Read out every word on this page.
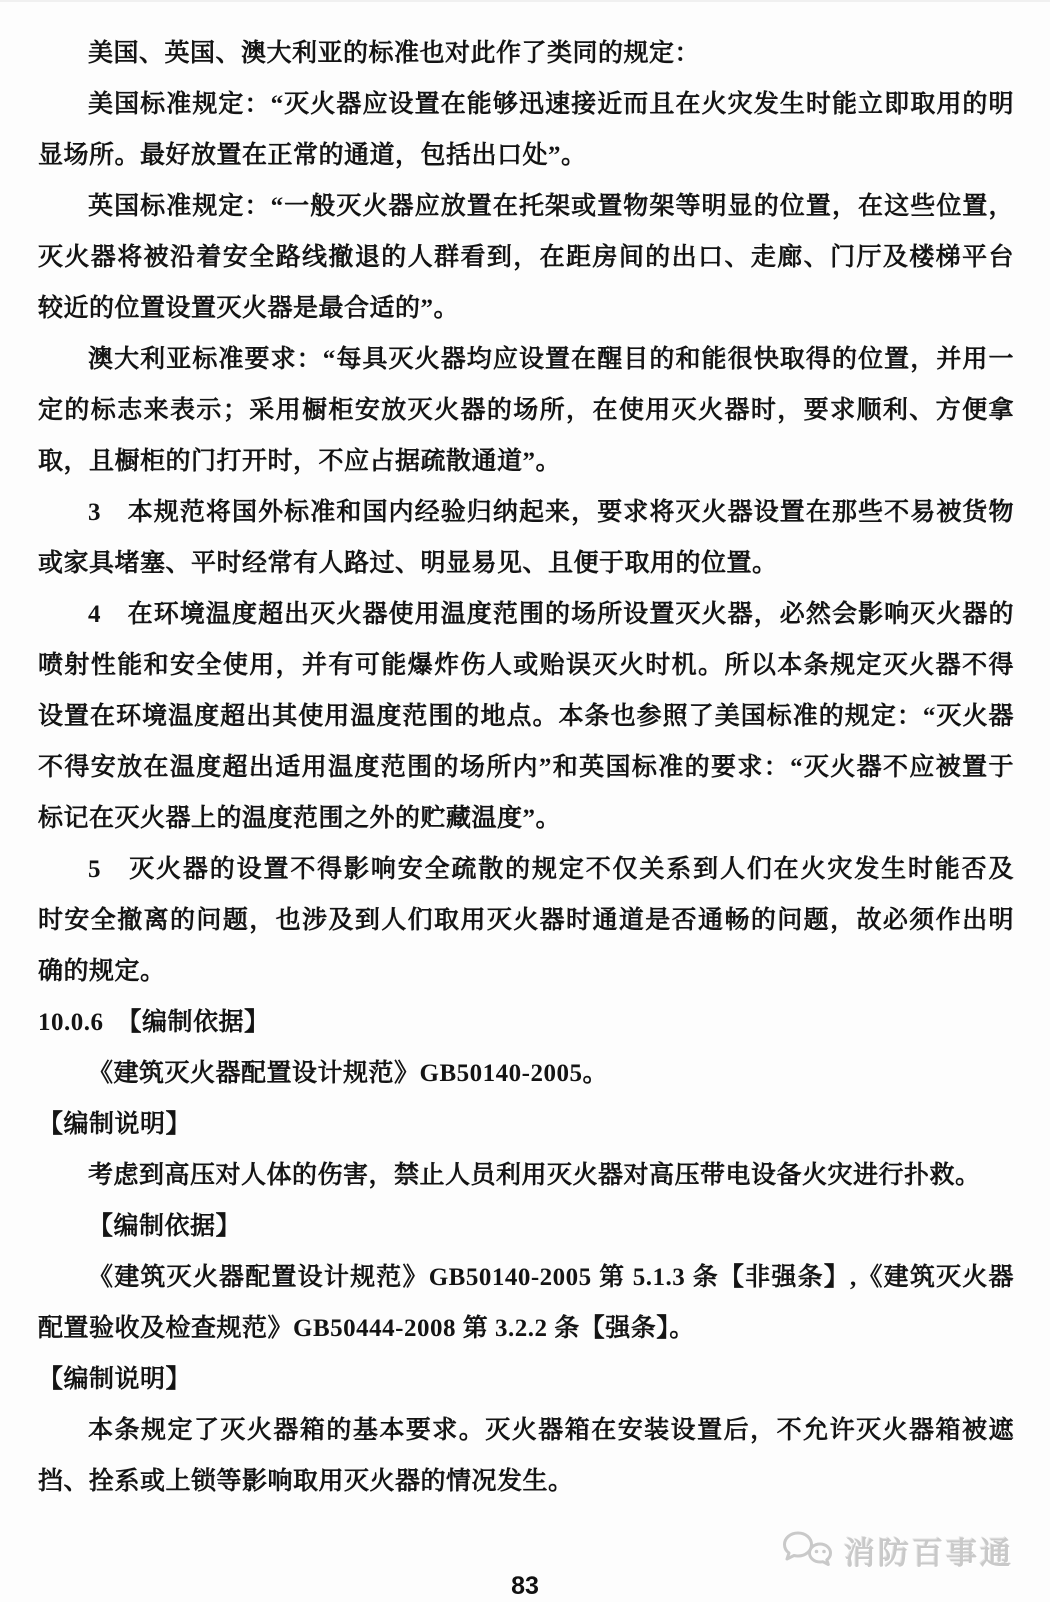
美国、英国、澳大利亚的标准也对此作了类同的规定：
美国标准规定：“灭火器应设置在能够迅速接近而且在火灾发生时能立即取用的明
显场所。最好放置在正常的通道，包括出口处”。
英国标准规定：“一般灭火器应放置在托架或置物架等明显的位置，在这些位置，
灭火器将被沿着安全路线撤退的人群看到，在距房间的出口、走廊、门厅及楼梯平台
较近的位置设置灭火器是最合适的”。
澳大利亚标准要求：“每具灭火器均应设置在醒目的和能很快取得的位置，并用一
定的标志来表示；采用橱柜安放灭火器的场所，在使用灭火器时，要求顺利、方便拿
取，且橱柜的门打开时，不应占据疏散通道”。
3　本规范将国外标准和国内经验归纳起来，要求将灭火器设置在那些不易被货物
或家具堵塞、平时经常有人路过、明显易见、且便于取用的位置。
4　在环境温度超出灭火器使用温度范围的场所设置灭火器，必然会影响灭火器的
喷射性能和安全使用，并有可能爆炸伤人或贻误灭火时机。所以本条规定灭火器不得
设置在环境温度超出其使用温度范围的地点。本条也参照了美国标准的规定：“灭火器
不得安放在温度超出适用温度范围的场所内”和英国标准的要求：“灭火器不应被置于
标记在灭火器上的温度范围之外的贮藏温度”。
5　灭火器的设置不得影响安全疏散的规定不仅关系到人们在火灾发生时能否及
时安全撤离的问题，也涉及到人们取用灭火器时通道是否通畅的问题，故必须作出明
确的规定。
10.0.6　【编制依据】
《建筑灭火器配置设计规范》GB50140-2005。
【编制说明】
考虑到高压对人体的伤害，禁止人员利用灭火器对高压带电设备火灾进行扑救。
【编制依据】
《建筑灭火器配置设计规范》GB50140-2005 第 5.1.3 条【非强条】,《建筑灭火器
配置验收及检查规范》GB50444-2008 第 3.2.2 条【强条】。
【编制说明】
本条规定了灭火器箱的基本要求。灭火器箱在安装设置后，不允许灭火器箱被遮
挡、拴系或上锁等影响取用灭火器的情况发生。
消防百事通
83
